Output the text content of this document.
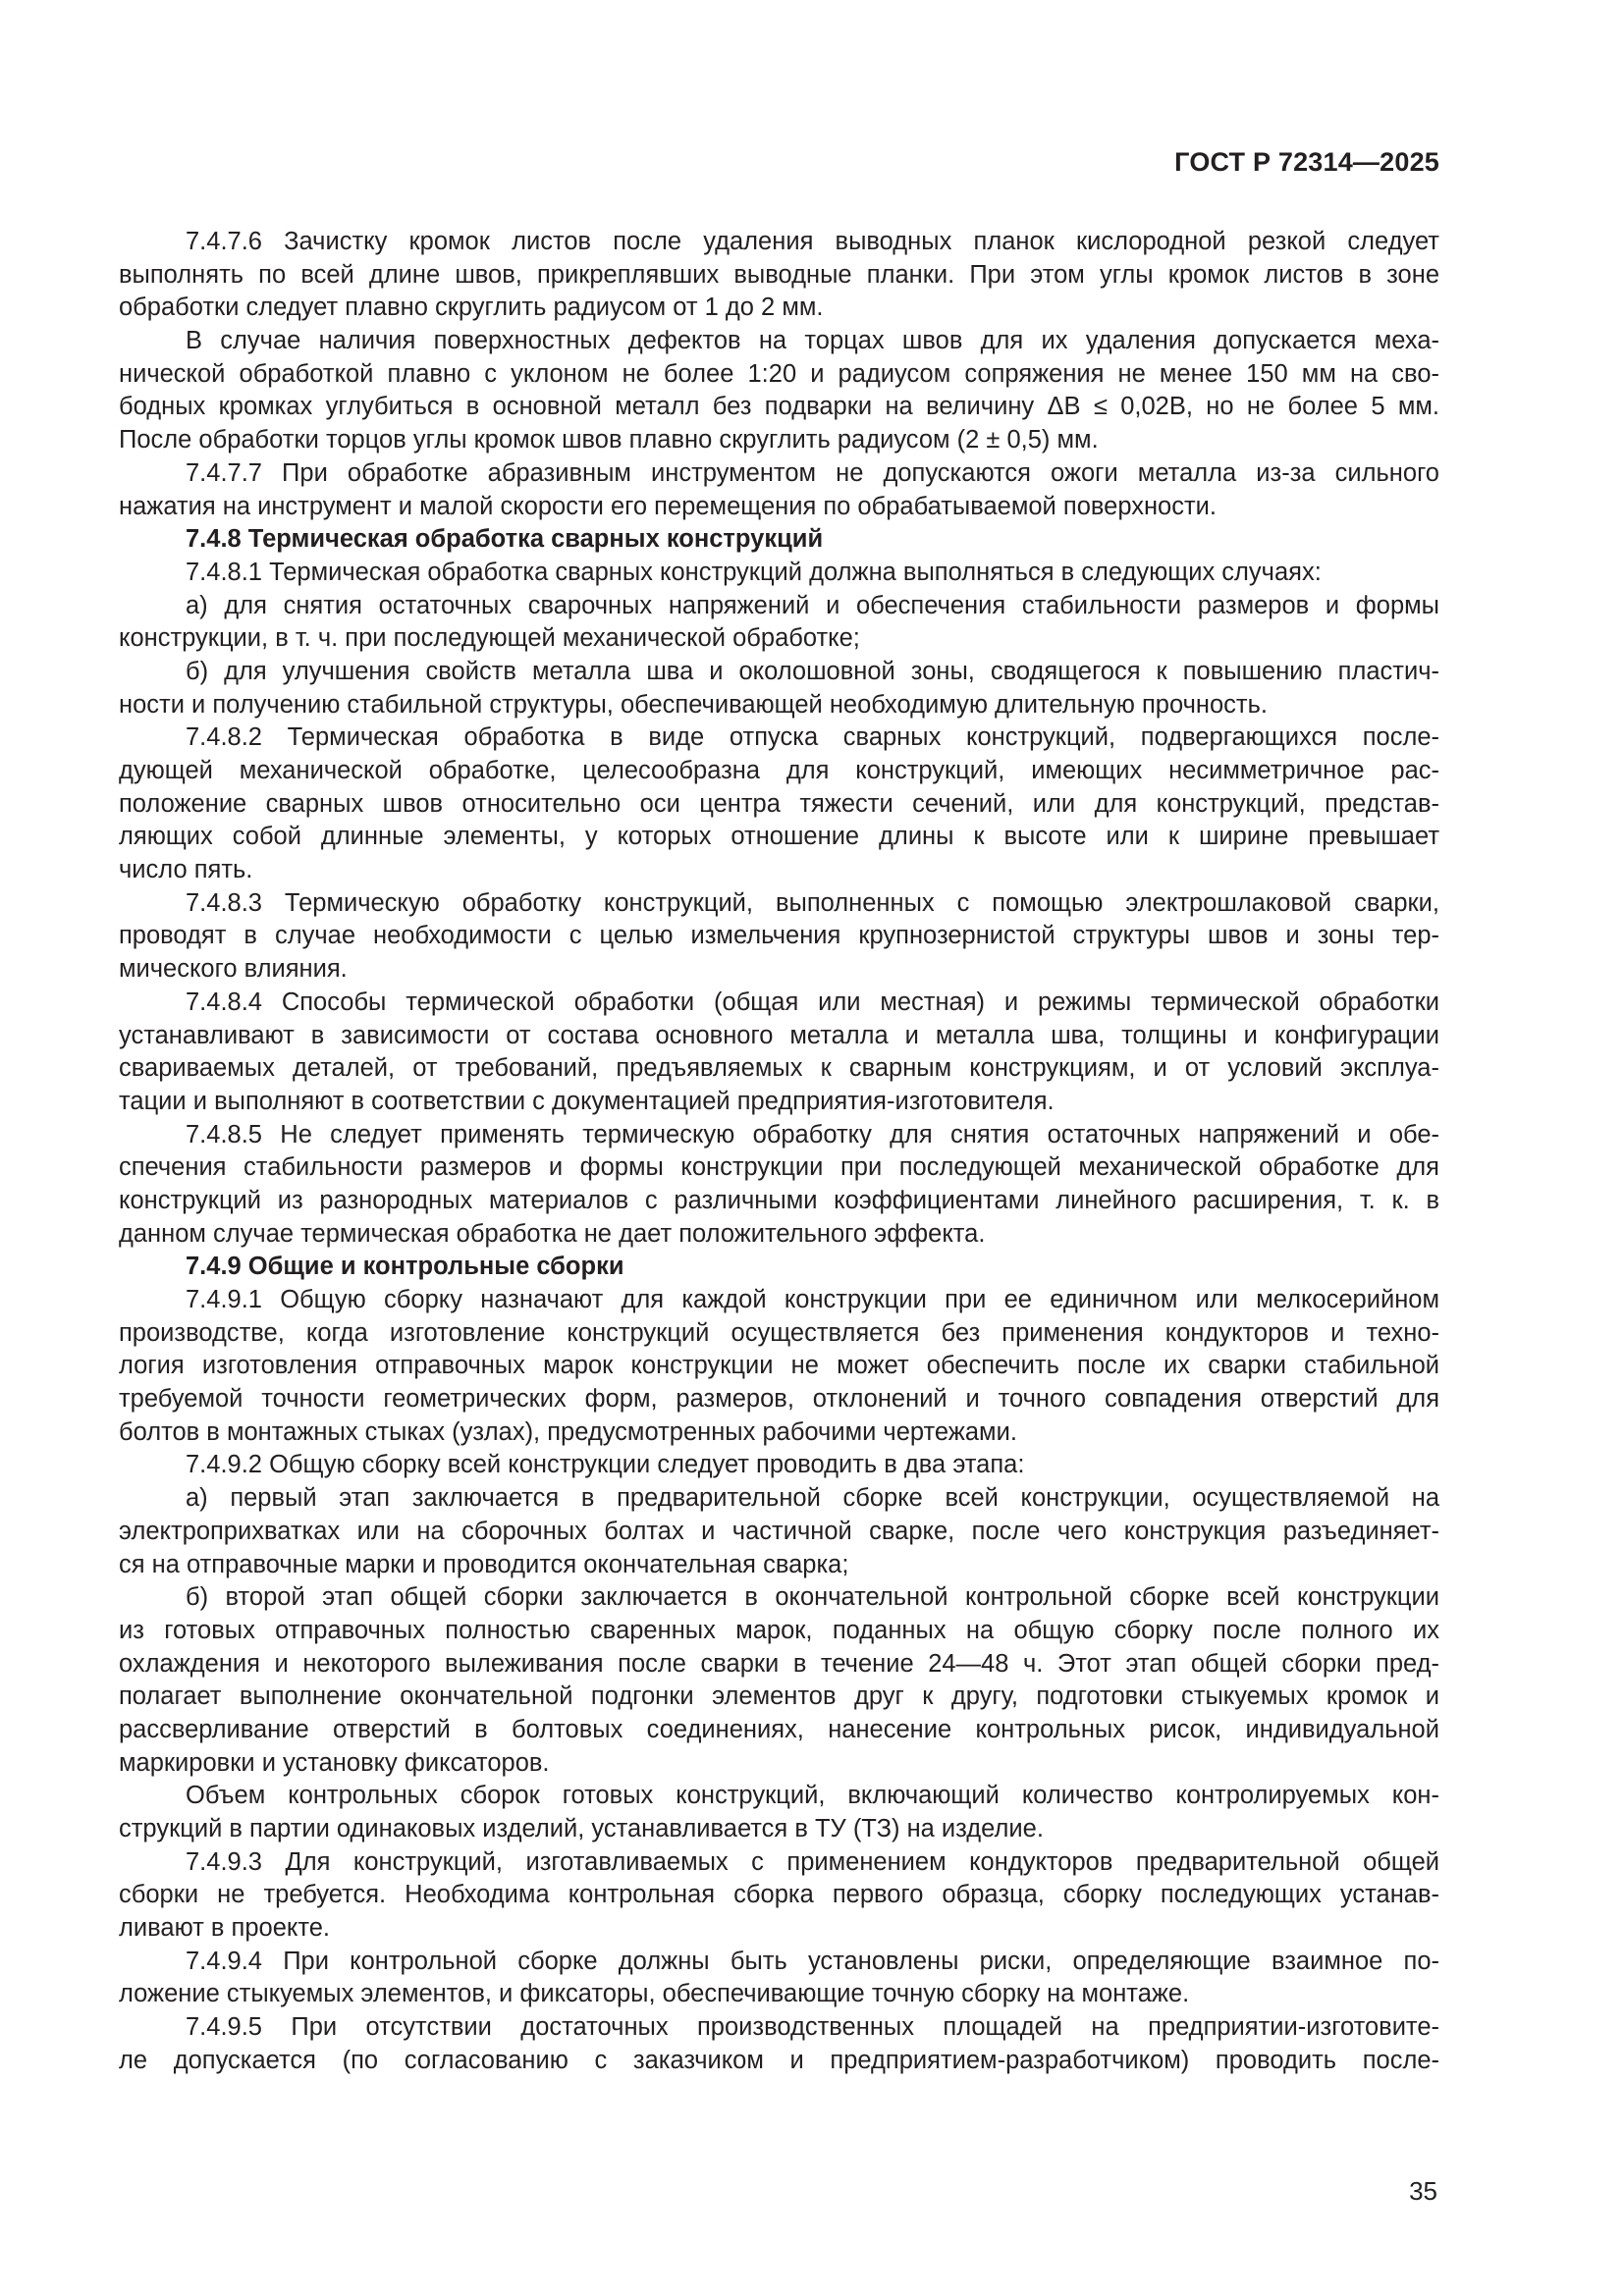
ГОСТ Р 72314—2025
7.4.7.6 Зачистку кромок листов после удаления выводных планок кислородной резкой следует
выполнять по всей длине швов, прикреплявших выводные планки. При этом углы кромок листов в зоне
обработки следует плавно скруглить радиусом от 1 до 2 мм.
В случае наличия поверхностных дефектов на торцах швов для их удаления допускается меха-
нической обработкой плавно с уклоном не более 1:20 и радиусом сопряжения не менее 150 мм на сво-
бодных кромках углубиться в основной металл без подварки на величину ΔB ≤ 0,02B, но не более 5 мм.
После обработки торцов углы кромок швов плавно скруглить радиусом (2 ± 0,5) мм.
7.4.7.7 При обработке абразивным инструментом не допускаются ожоги металла из-за сильного
нажатия на инструмент и малой скорости его перемещения по обрабатываемой поверхности.
7.4.8 Термическая обработка сварных конструкций
7.4.8.1 Термическая обработка сварных конструкций должна выполняться в следующих случаях:
а) для снятия остаточных сварочных напряжений и обеспечения стабильности размеров и формы
конструкции, в т. ч. при последующей механической обработке;
б) для улучшения свойств металла шва и околошовной зоны, сводящегося к повышению пластич-
ности и получению стабильной структуры, обеспечивающей необходимую длительную прочность.
7.4.8.2 Термическая обработка в виде отпуска сварных конструкций, подвергающихся после-
дующей механической обработке, целесообразна для конструкций, имеющих несимметричное рас-
положение сварных швов относительно оси центра тяжести сечений, или для конструкций, представ-
ляющих собой длинные элементы, у которых отношение длины к высоте или к ширине превышает
число пять.
7.4.8.3 Термическую обработку конструкций, выполненных с помощью электрошлаковой сварки,
проводят в случае необходимости с целью измельчения крупнозернистой структуры швов и зоны тер-
мического влияния.
7.4.8.4 Способы термической обработки (общая или местная) и режимы термической обработки
устанавливают в зависимости от состава основного металла и металла шва, толщины и конфигурации
свариваемых деталей, от требований, предъявляемых к сварным конструкциям, и от условий эксплуа-
тации и выполняют в соответствии с документацией предприятия-изготовителя.
7.4.8.5 Не следует применять термическую обработку для снятия остаточных напряжений и обе-
спечения стабильности размеров и формы конструкции при последующей механической обработке для
конструкций из разнородных материалов с различными коэффициентами линейного расширения, т. к. в
данном случае термическая обработка не дает положительного эффекта.
7.4.9 Общие и контрольные сборки
7.4.9.1 Общую сборку назначают для каждой конструкции при ее единичном или мелкосерийном
производстве, когда изготовление конструкций осуществляется без применения кондукторов и техно-
логия изготовления отправочных марок конструкции не может обеспечить после их сварки стабильной
требуемой точности геометрических форм, размеров, отклонений и точного совпадения отверстий для
болтов в монтажных стыках (узлах), предусмотренных рабочими чертежами.
7.4.9.2 Общую сборку всей конструкции следует проводить в два этапа:
а) первый этап заключается в предварительной сборке всей конструкции, осуществляемой на
электроприхватках или на сборочных болтах и частичной сварке, после чего конструкция разъединяет-
ся на отправочные марки и проводится окончательная сварка;
б) второй этап общей сборки заключается в окончательной контрольной сборке всей конструкции
из готовых отправочных полностью сваренных марок, поданных на общую сборку после полного их
охлаждения и некоторого вылеживания после сварки в течение 24—48 ч. Этот этап общей сборки пред-
полагает выполнение окончательной подгонки элементов друг к другу, подготовки стыкуемых кромок и
рассверливание отверстий в болтовых соединениях, нанесение контрольных рисок, индивидуальной
маркировки и установку фиксаторов.
Объем контрольных сборок готовых конструкций, включающий количество контролируемых кон-
струкций в партии одинаковых изделий, устанавливается в ТУ (ТЗ) на изделие.
7.4.9.3 Для конструкций, изготавливаемых с применением кондукторов предварительной общей
сборки не требуется. Необходима контрольная сборка первого образца, сборку последующих устанав-
ливают в проекте.
7.4.9.4 При контрольной сборке должны быть установлены риски, определяющие взаимное по-
ложение стыкуемых элементов, и фиксаторы, обеспечивающие точную сборку на монтаже.
7.4.9.5 При отсутствии достаточных производственных площадей на предприятии-изготовите-
ле допускается (по согласованию с заказчиком и предприятием-разработчиком) проводить после-
35
